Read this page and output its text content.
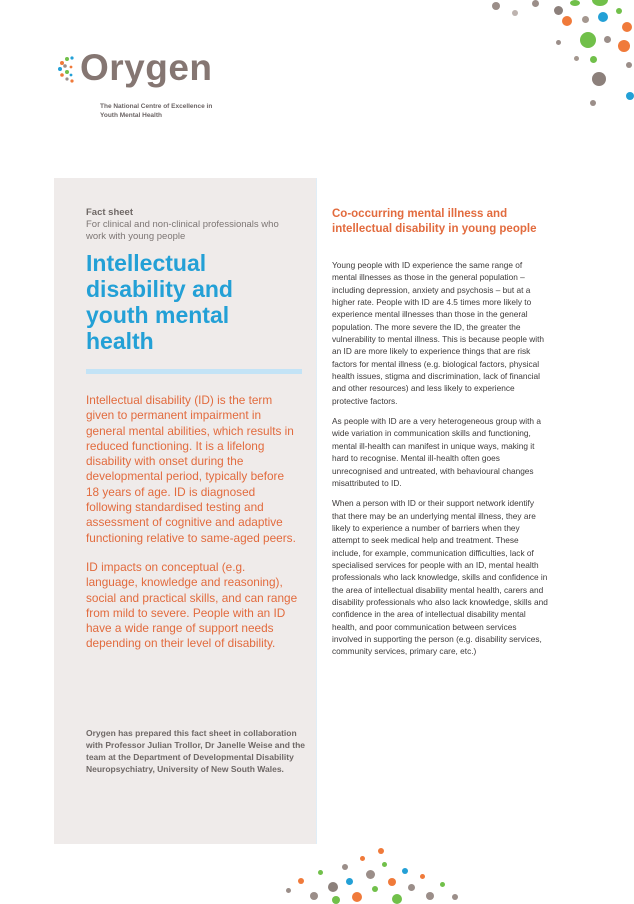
Orygen
The National Centre of Excellence in Youth Mental Health
Fact sheet
For clinical and non-clinical professionals who work with young people
Intellectual disability and youth mental health

Intellectual disability (ID) is the term given to permanent impairment in general mental abilities, which results in reduced functioning. It is a lifelong disability with onset during the developmental period, typically before 18 years of age. ID is diagnosed following standardised testing and assessment of cognitive and adaptive functioning relative to same-aged peers.

ID impacts on conceptual (e.g. language, knowledge and reasoning), social and practical skills, and can range from mild to severe. People with an ID have a wide range of support needs depending on their level of disability.

Orygen has prepared this fact sheet in collaboration with Professor Julian Trollor, Dr Janelle Weise and the team at the Department of Developmental Disability Neuropsychiatry, University of New South Wales.
Co-occurring mental illness and intellectual disability in young people

Young people with ID experience the same range of mental illnesses as those in the general population – including depression, anxiety and psychosis – but at a higher rate. People with ID are 4.5 times more likely to experience mental illnesses than those in the general population. The more severe the ID, the greater the vulnerability to mental illness. This is because people with an ID are more likely to experience things that are risk factors for mental illness (e.g. biological factors, physical health issues, stigma and discrimination, lack of financial and other resources) and less likely to experience protective factors.

As people with ID are a very heterogeneous group with a wide variation in communication skills and functioning, mental ill-health can manifest in unique ways, making it hard to recognise. Mental ill-health often goes unrecognised and untreated, with behavioural changes misattributed to ID.

When a person with ID or their support network identify that there may be an underlying mental illness, they are likely to experience a number of barriers when they attempt to seek medical help and treatment. These include, for example, communication difficulties, lack of specialised services for people with an ID, mental health professionals who lack knowledge, skills and confidence in the area of intellectual disability mental health, carers and disability professionals who also lack knowledge, skills and confidence in the area of intellectual disability mental health, and poor communication between services involved in supporting the person (e.g. disability services, community services, primary care, etc.)
